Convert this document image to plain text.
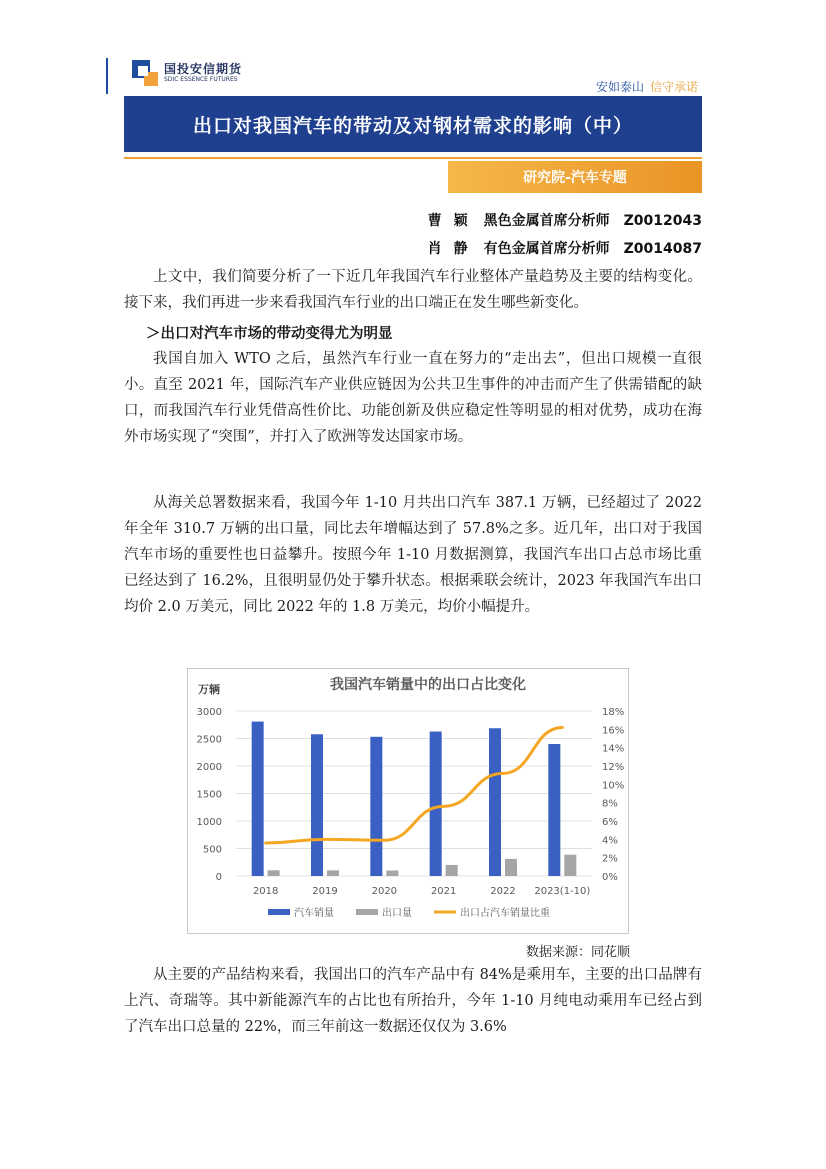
国投安信期货
SDIC ESSENCE FUTURES
安如泰山 信守承诺
出口对我国汽车的带动及对钢材需求的影响（中）
研究院-汽车专题
曹颖 黑色金属首席分析师 Z0012043
肖静 有色金属首席分析师 Z0014087

上文中，我们简要分析了一下近几年我国汽车行业整体产量趋势及主要的结构变化。接下来，我们再进一步来看我国汽车行业的出口端正在发生哪些新变化。

＞出口对汽车市场的带动变得尤为明显

我国自加入 WTO 之后，虽然汽车行业一直在努力的“走出去”，但出口规模一直很小。直至 2021 年，国际汽车产业供应链因为公共卫生事件的冲击而产生了供需错配的缺口，而我国汽车行业凭借高性价比、功能创新及供应稳定性等明显的相对优势，成功在海外市场实现了“突围”，并打入了欧洲等发达国家市场。

从海关总署数据来看，我国今年 1-10 月共出口汽车 387.1 万辆，已经超过了 2022 年全年 310.7 万辆的出口量，同比去年增幅达到了 57.8%之多。近几年，出口对于我国汽车市场的重要性也日益攀升。按照今年 1-10 月数据测算，我国汽车出口占总市场比重已经达到了 16.2%，且很明显仍处于攀升状态。根据乘联会统计，2023 年我国汽车出口均价 2.0 万美元，同比 2022 年的 1.8 万美元，均价小幅提升。

0
500
1000
1500
2000
2500
3000
0%
2%
4%
6%
8%
10%
12%
14%
16%
18%
2018	2019	2020	2021	2022 2023(1-10)
我国汽车销量中的出口占比变化
万辆
汽车销量	出口量	出口占汽车销量比重
数据来源：同花顺

从主要的产品结构来看，我国出口的汽车产品中有 84%是乘用车，主要的出口品牌有上汽、奇瑞等。其中新能源汽车的占比也有所抬升，今年 1-10 月纯电动乘用车已经占到了汽车出口总量的 22%，而三年前这一数据还仅仅为 3.6%
